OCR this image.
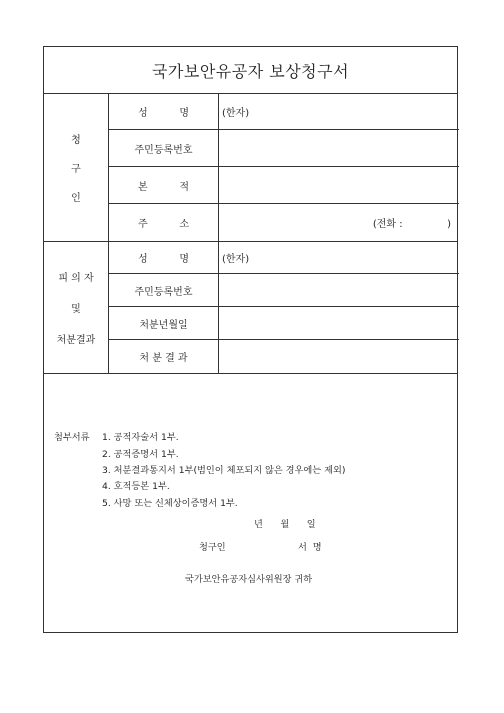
국가보안유공자 보상청구서
청
구
인
성          명	(한자)
주민등록번호
본          적
주          소	(전화 :              )
피 의 자
및
처분결과
성          명	(한자)
주민등록번호
처분년월일
처 분 결 과
첨부서류 1. 공적자술서 1부.
2. 공적증명서 1부.
3. 처분결과통지서 1부(범인이 체포되지 않은 경우에는 제외)
4. 호적등본 1부.
5. 사망 또는 신체상이증명서 1부.
년      월      일
청구인	서  명
국가보안유공자심사위원장 귀하
